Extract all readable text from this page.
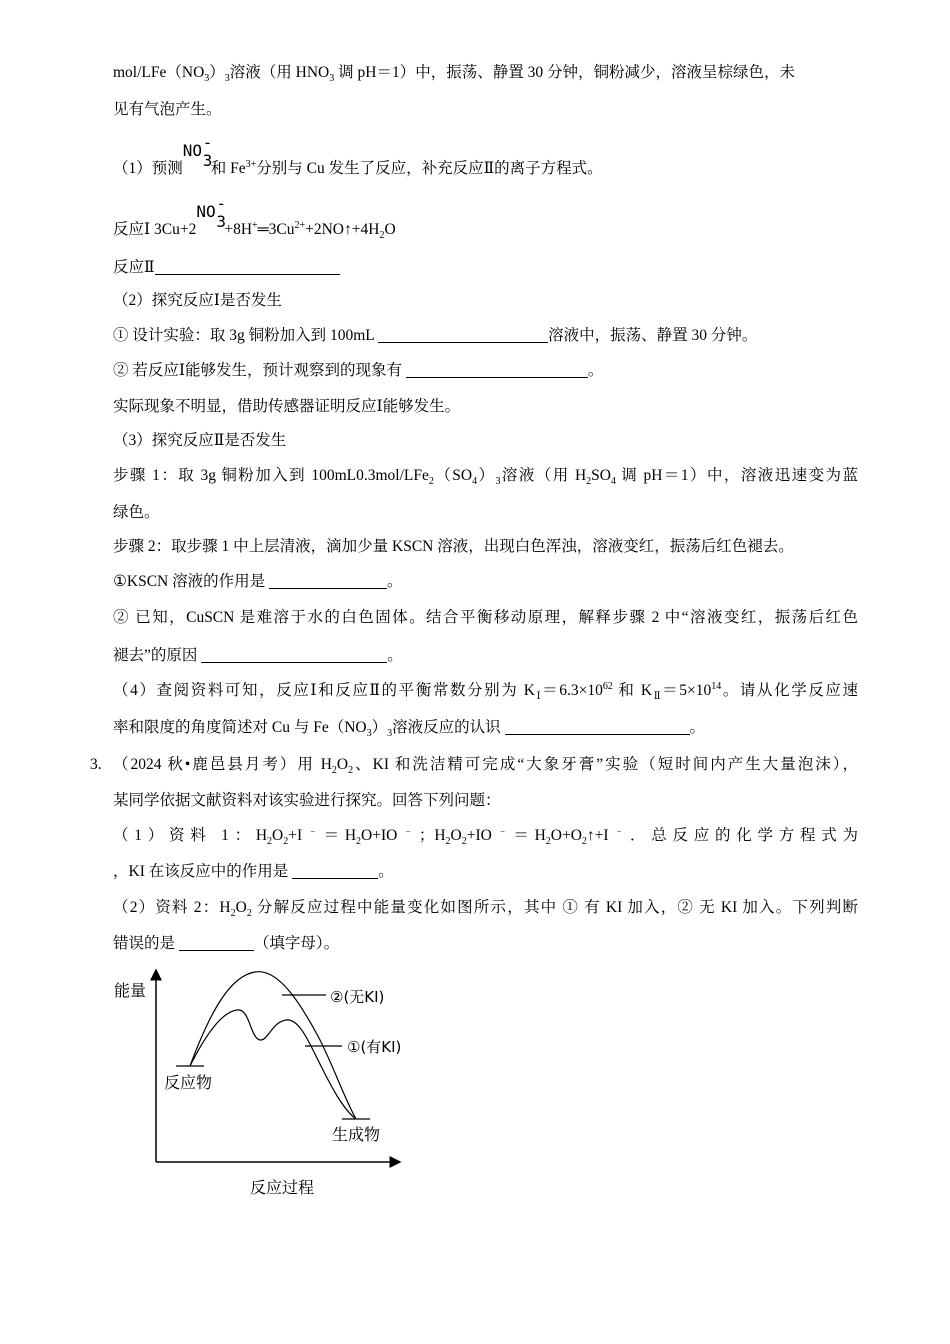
mol/$LFe(NO_3)_3$溶液（用 $HNO_3$ 调 pH＝1）中，振荡、静置 30 分钟，铜粉减少，溶液呈棕绿色，未
见有气泡产生。
（1）预测
NO -
3
和 $Fe^{3+}$分别与 Cu 发生了反应，补充反应Ⅱ的离子方程式。
反应Ⅰ 3Cu+2
NO -
3
$+8H^+═3Cu^{2+}+2NO↑+4H_2O$
反应Ⅱ
（2）探究反应Ⅰ是否发生
① 设计实验：取 3g 铜粉加入到 100mL	溶液中，振荡、静置 30 分钟。
② 若反应Ⅰ能够发生，预计观察到的现象有	。
实际现象不明显，借助传感器证明反应Ⅰ能够发生。
（3）探究反应Ⅱ是否发生
步骤 1：取 3g 铜粉加入到 $100mL0.3mol/LFe_2(SO_4)_3$溶液（用 $H_2SO_4$ 调 pH＝1）中，溶液迅速变为蓝
绿色。
步骤 2：取步骤 1 中上层清液，滴加少量 KSCN 溶液，出现白色浑浊，溶液变红，振荡后红色褪去。
①KSCN 溶液的作用是	。
② 已知，CuSCN 是难溶于水的白色固体。结合平衡移动原理，解释步骤 2 中“溶液变红，振荡后红色
褪去”的原因	。
（4）查阅资料可知，反应Ⅰ和反应Ⅱ的平衡常数分别为 $K_Ⅰ=6.3\times 10^{62}$ 和 $K_Ⅱ=5\times 10^{14}$。请从化学反应速
率和限度的角度简述对 Cu 与 $Fe(NO_3)_3$溶液反应的认识	。
3. （2024 秋•鹿邑县月考）用 $H_2O_2$、KI 和洗洁精可完成“大象牙膏”实验（短时间内产生大量泡沫），
某同学依据文献资料对该实验进行探究。回答下列问题：
（1）资料 1：$H_2O_2+I^﹣=H_2O+IO^﹣$；$H_2O_2+IO^﹣=H_2O+O_2↑+I^﹣$．总反应的化学方程式为
，KI 在该反应中的作用是	。
（2）资料 2：$H_2O_2$ 分解反应过程中能量变化如图所示，其中 ① 有 KI 加入，② 无 KI 加入。下列判断
错误的是	（填字母）。
能量
反应过程
②(无KI)
①(有KI)
反应物
生成物
